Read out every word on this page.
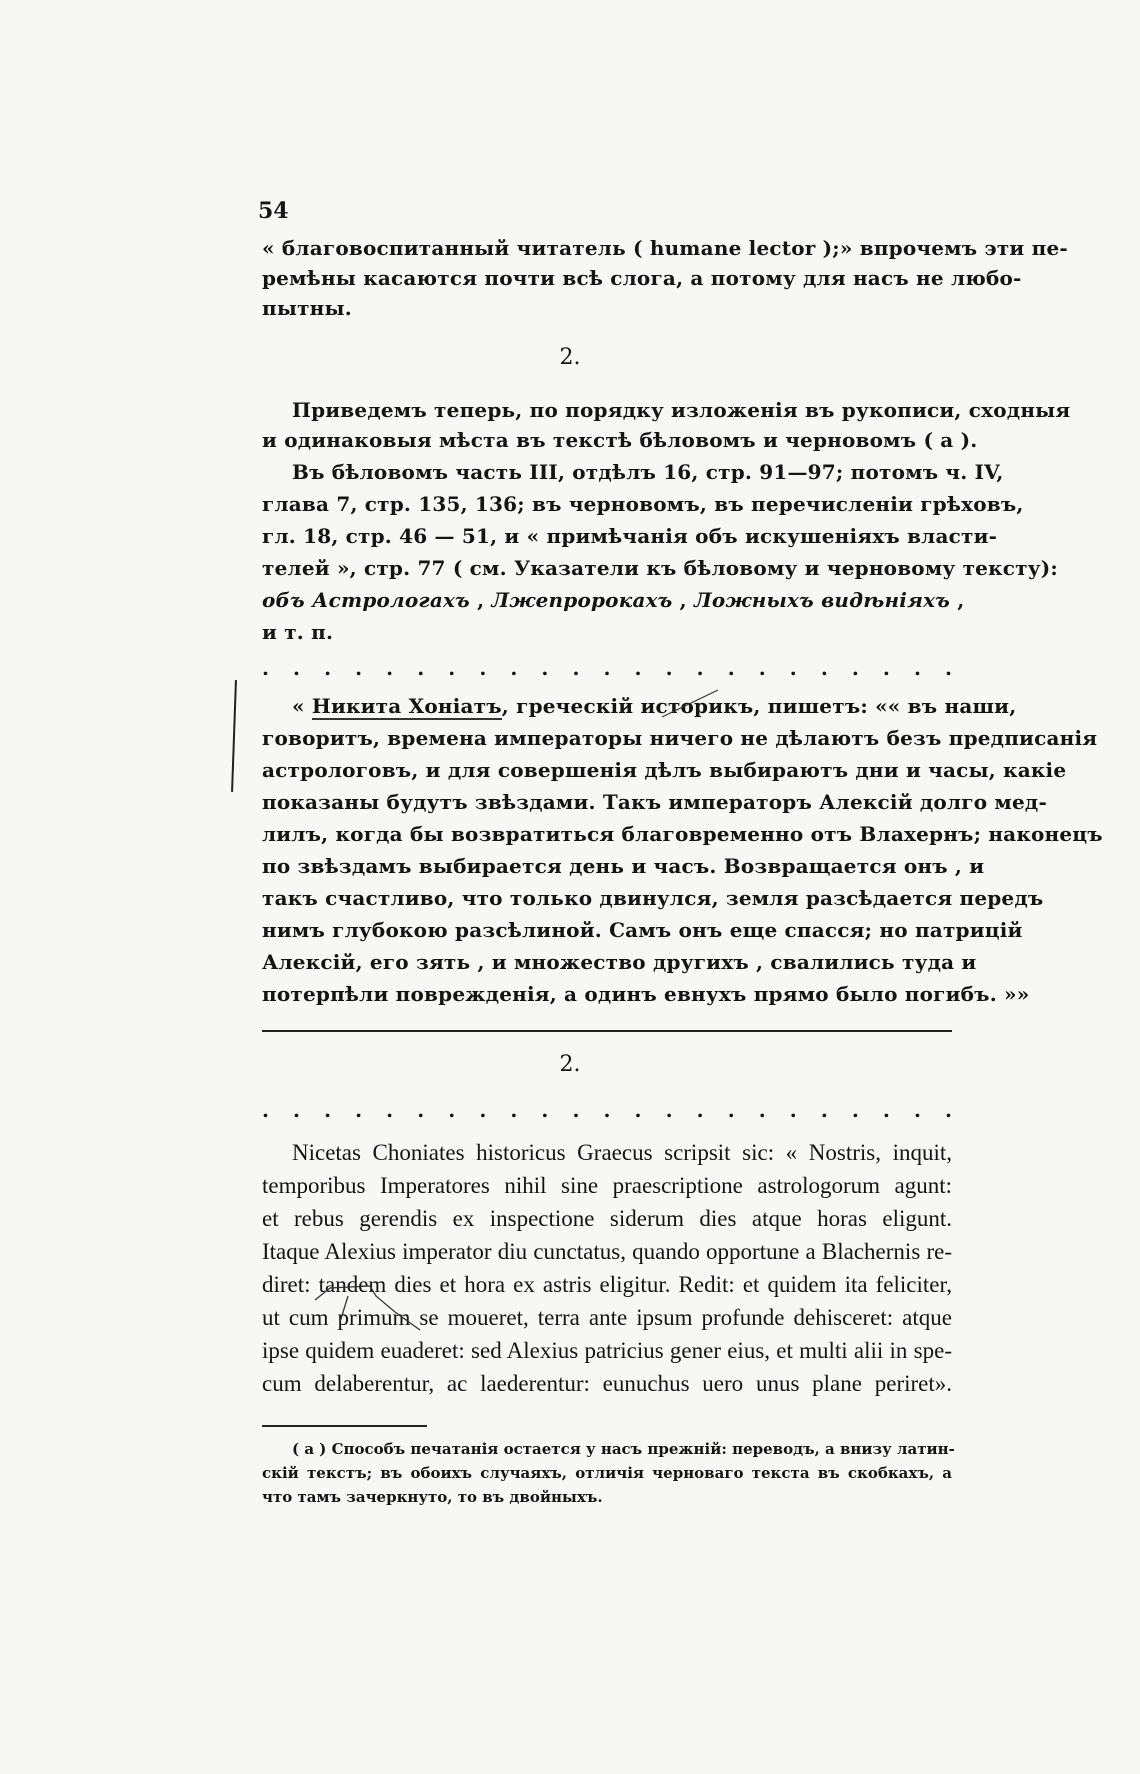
54
« благовоспитанный читатель ( humane lector );» впрочемъ эти пе-
ремѣны касаются почти всѣ слога, а потому для насъ не любо-
пытны.
2.
Приведемъ теперь, по порядку изложенія въ рукописи, сходныя
и одинаковыя мѣста въ текстѣ бѣловомъ и черновомъ ( а ).
Въ бѣловомъ часть III, отдѣлъ 16, стр. 91—97; потомъ ч. IV,
глава 7, стр. 135, 136; въ черновомъ, въ перечисленіи грѣховъ,
гл. 18, стр. 46 — 51, и « примѣчанія объ искушеніяхъ власти-
телей », стр. 77 ( см. Указатели къ бѣловому и черновому тексту):
объ Астрологахъ , Лжепророкахъ , Ложныхъ видѣніяхъ ,
и т. п.
. . . . . . . . . . . . . . . . . . . . . . .
« Никита Хоніатъ, греческій историкъ, пишетъ: «« въ наши,
говоритъ, времена императоры ничего не дѣлаютъ безъ предписанія
астрологовъ, и для совершенія дѣлъ выбираютъ дни и часы, какіе
показаны будутъ звѣздами. Такъ императоръ Алексій долго мед-
лилъ, когда бы возвратиться благовременно отъ Влахернъ; наконецъ
по звѣздамъ выбирается день и часъ. Возвращается онъ , и
такъ счастливо, что только двинулся, земля разсѣдается передъ
нимъ глубокою разсѣлиной. Самъ онъ еще спасся; но патрицій
Алексій, его зять , и множество другихъ , свалились туда и
потерпѣли поврежденія, а одинъ евнухъ прямо было погибъ. »»
2.
. . . . . . . . . . . . . . . . . . . . . . .
Nicetas Choniates historicus Graecus scripsit sic: « Nostris, inquit,
temporibus Imperatores nihil sine praescriptione astrologorum agunt:
et rebus gerendis ex inspectione siderum dies atque horas eligunt.
Itaque Alexius imperator diu cunctatus, quando opportune a Blachernis re-
diret: tandem dies et hora ex astris eligitur. Redit: et quidem ita feliciter,
ut cum primum se moueret, terra ante ipsum profunde dehisceret: atque
ipse quidem euaderet: sed Alexius patricius gener eius, et multi alii in spe-
cum delaberentur, ac laederentur: eunuchus uero unus plane periret».
( а ) Способъ печатанія остается у насъ прежній: переводъ, а внизу латин-
скій текстъ; въ обоихъ случаяхъ, отличія черноваго текста въ скобкахъ, а
что тамъ зачеркнуто, то въ двойныхъ.
